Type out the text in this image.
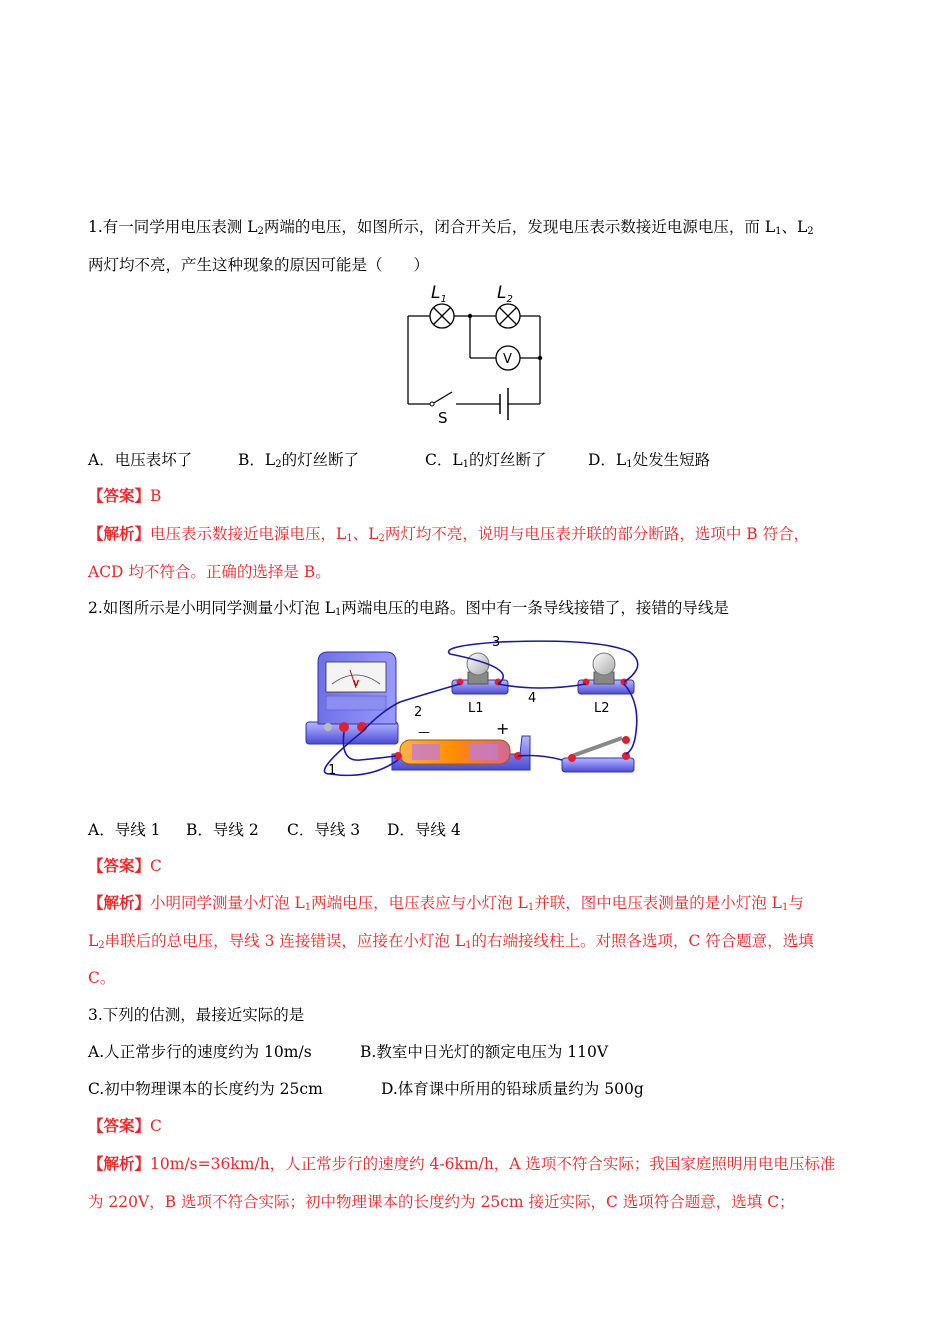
1.有一同学用电压表测 $L_2$两端的电压，如图所示，闭合开关后，发现电压表示数接近电源电压，而 $L_1$、$L_2$
两灯均不亮，产生这种现象的原因可能是（　　）
$L_1$	$L_2$
V
S
A．电压表坏了	B．$L_2$的灯丝断了	C．$L_1$的灯丝断了	D．$L_1$处发生短路
【答案】B
【解析】电压表示数接近电源电压，$L_1$、$L_2$两灯均不亮，说明与电压表并联的部分断路，选项中 B 符合，
ACD 均不符合。正确的选择是 B。
2.如图所示是小明同学测量小灯泡 $L_1$两端电压的电路。图中有一条导线接错了，接错的导线是
V
3
4
2
1
L1	L2
+
—
A．导线 1 B．导线 2 C．导线 3 D．导线 4
【答案】C
【解析】小明同学测量小灯泡 $L_1$两端电压，电压表应与小灯泡 $L_1$并联，图中电压表测量的是小灯泡 $L_1$与
$L_2$串联后的总电压，导线 3 连接错误，应接在小灯泡 $L_1$的右端接线柱上。对照各选项，C 符合题意，选填
C。
3.下列的估测，最接近实际的是
A.人正常步行的速度约为 10m/s	B.教室中日光灯的额定电压为 110V
C.初中物理课本的长度约为 25cm	D.体育课中所用的铅球质量约为 500g
【答案】C
【解析】10m/s=36km/h，人正常步行的速度约 4-6km/h，A 选项不符合实际；我国家庭照明用电电压标准
为 220V，B 选项不符合实际；初中物理课本的长度约为 25cm 接近实际，C 选项符合题意，选填 C；
